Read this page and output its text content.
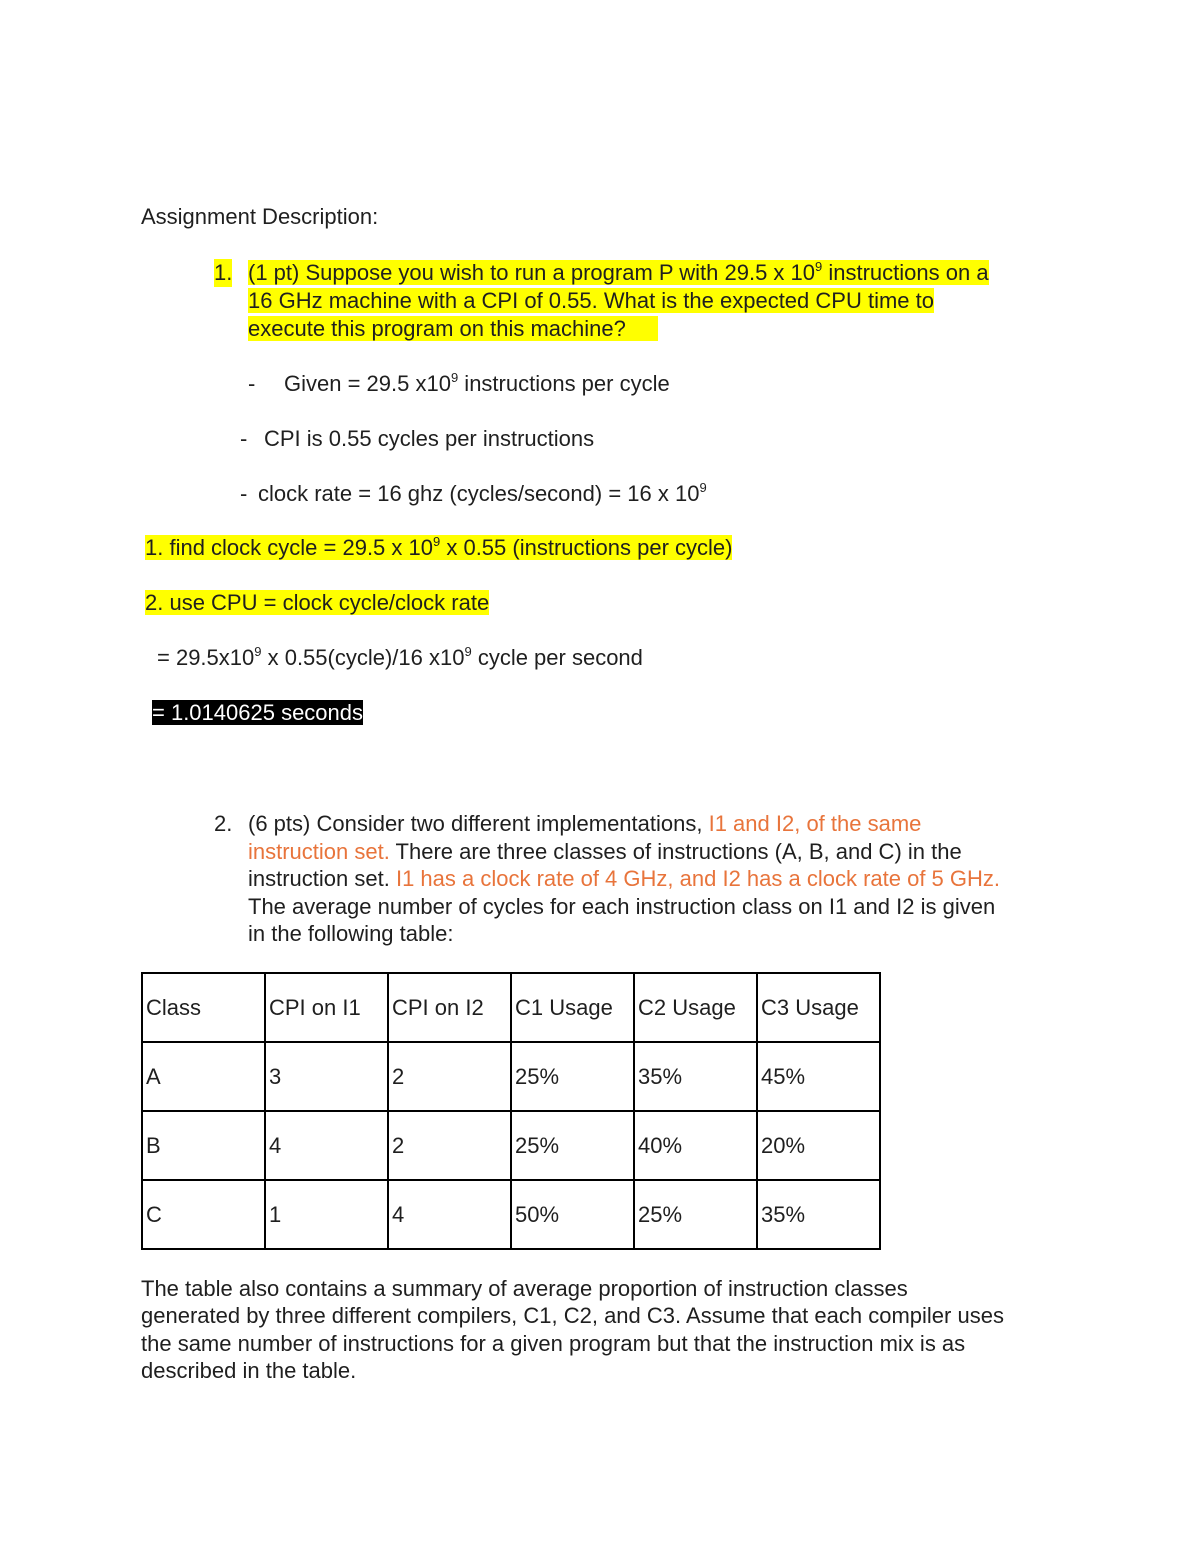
Assignment Description:
1. (1 pt) Suppose you wish to run a program P with 29.5 x $10^9$ instructions on a
16 GHz machine with a CPI of 0.55. What is the expected CPU time to
execute this program on this machine?
- Given = 29.5 $x10^9$ instructions per cycle
- CPI is 0.55 cycles per instructions
- clock rate = 16 ghz (cycles/second) = 16 x $10^9$
1. find clock cycle = 29.5 x $10^9$ x 0.55 (instructions per cycle)
2. use CPU = clock cycle/clock rate
= $29.5x10^9$ x 0.55(cycle)/16 $x10^9$ cycle per second
= 1.0140625 seconds
2. (6 pts) Consider two different implementations, I1 and I2, of the same
instruction set. There are three classes of instructions (A, B, and C) in the
instruction set. I1 has a clock rate of 4 GHz, and I2 has a clock rate of 5 GHz.
The average number of cycles for each instruction class on I1 and I2 is given
in the following table:
Class	CPI on I1	CPI on I2	C1 Usage	C2 Usage	C3 Usage
A	3	2	25%	35%	45%
B	4	2	25%	40%	20%
C	1	4	50%	25%	35%
The table also contains a summary of average proportion of instruction classes
generated by three different compilers, C1, C2, and C3. Assume that each compiler uses
the same number of instructions for a given program but that the instruction mix is as
described in the table.
